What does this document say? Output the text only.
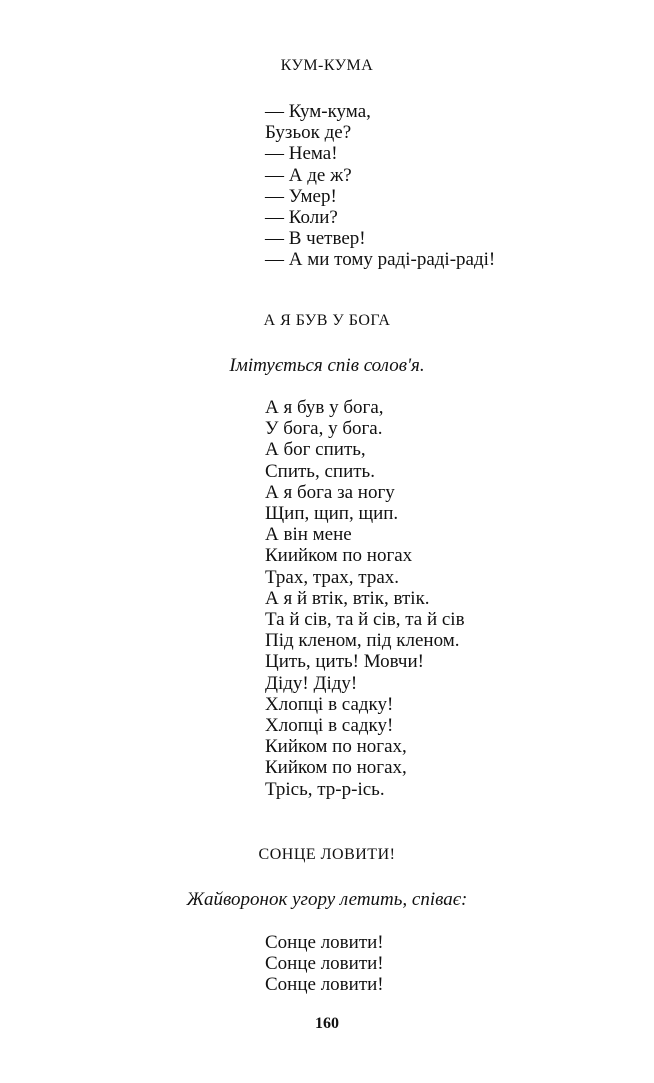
КУМ-КУМА
— Кум-кума,
Бузьок де?
— Нема!
— А де ж?
— Умер!
— Коли?
— В четвер!
— А ми тому раді-раді-раді!
А Я БУВ У БОГА

Імітується спів солов'я.

А я був у бога,
У бога, у бога.
А бог спить,
Спить, спить.
А я бога за ногу
Щип, щип, щип.
А він мене
Киийком по ногах
Трах, трах, трах.
А я й втік, втік, втік.
Та й сів, та й сів, та й сів
Під кленом, під кленом.
Цить, цить! Мовчи!
Діду! Діду!
Хлопці в садку!
Хлопці в садку!
Кийком по ногах,
Кийком по ногах,
Трісь, тр-р-ісь.
СОНЦЕ ЛОВИТИ!

Жайворонок угору летить, співає:

Сонце ловити!
Сонце ловити!
Сонце ловити!

160
